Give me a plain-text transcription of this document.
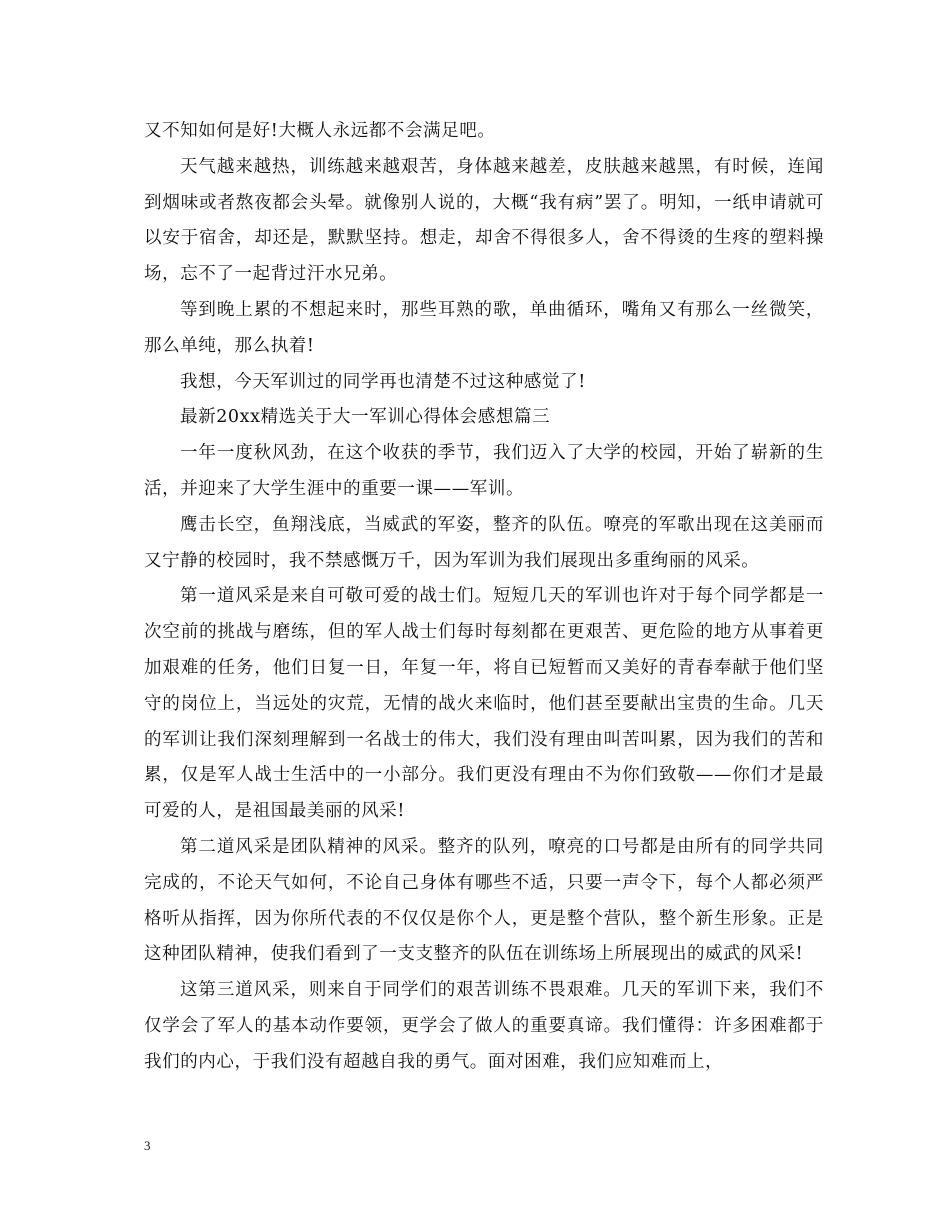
又不知如何是好!大概人永远都不会满足吧。

天气越来越热，训练越来越艰苦，身体越来越差，皮肤越来越黑，有时候，连闻到烟味或者熬夜都会头晕。就像别人说的，大概“我有病”罢了。明知，一纸申请就可以安于宿舍，却还是，默默坚持。想走，却舍不得很多人，舍不得烫的生疼的塑料操场，忘不了一起背过汗水兄弟。

等到晚上累的不想起来时，那些耳熟的歌，单曲循环，嘴角又有那么一丝微笑，那么单纯，那么执着!

我想，今天军训过的同学再也清楚不过这种感觉了!

最新20xx精选关于大一军训心得体会感想篇三

一年一度秋风劲，在这个收获的季节，我们迈入了大学的校园，开始了崭新的生活，并迎来了大学生涯中的重要一课——军训。

鹰击长空，鱼翔浅底，当威武的军姿，整齐的队伍。嘹亮的军歌出现在这美丽而又宁静的校园时，我不禁感慨万千，因为军训为我们展现出多重绚丽的风采。

第一道风采是来自可敬可爱的战士们。短短几天的军训也许对于每个同学都是一次空前的挑战与磨练，但的军人战士们每时每刻都在更艰苦、更危险的地方从事着更加艰难的任务，他们日复一日，年复一年，将自已短暂而又美好的青春奉献于他们坚守的岗位上，当远处的灾荒，无情的战火来临时，他们甚至要献出宝贵的生命。几天的军训让我们深刻理解到一名战士的伟大，我们没有理由叫苦叫累，因为我们的苦和累，仅是军人战士生活中的一小部分。我们更没有理由不为你们致敬——你们才是最可爱的人，是祖国最美丽的风采!

第二道风采是团队精神的风采。整齐的队列，嘹亮的口号都是由所有的同学共同完成的，不论天气如何，不论自己身体有哪些不适，只要一声令下，每个人都必须严格听从指挥，因为你所代表的不仅仅是你个人，更是整个营队，整个新生形象。正是这种团队精神，使我们看到了一支支整齐的队伍在训练场上所展现出的威武的风采!

这第三道风采，则来自于同学们的艰苦训练不畏艰难。几天的军训下来，我们不仅学会了军人的基本动作要领，更学会了做人的重要真谛。我们懂得：许多困难都于我们的内心，于我们没有超越自我的勇气。面对困难，我们应知难而上，

3
